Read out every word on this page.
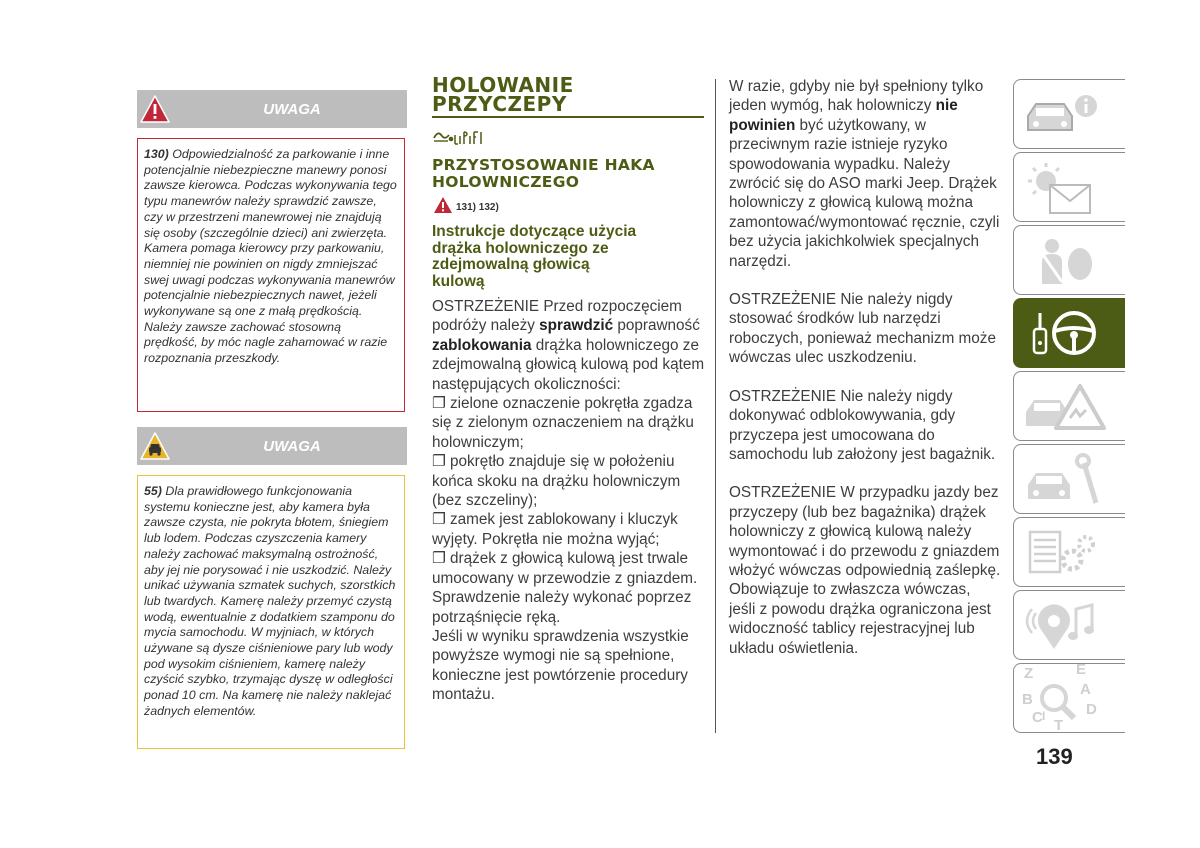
UWAGA
130) Odpowiedzialność za parkowanie i inne potencjalnie niebezpieczne manewry ponosi zawsze kierowca. Podczas wykonywania tego typu manewrów należy sprawdzić zawsze, czy w przestrzeni manewrowej nie znajdują się osoby (szczególnie dzieci) ani zwierzęta. Kamera pomaga kierowcy przy parkowaniu, niemniej nie powinien on nigdy zmniejszać swej uwagi podczas wykonywania manewrów potencjalnie niebezpiecznych nawet, jeżeli wykonywane są one z małą prędkością. Należy zawsze zachować stosowną prędkość, by móc nagle zahamować w razie rozpoznania przeszkody.
UWAGA
55) Dla prawidłowego funkcjonowania systemu konieczne jest, aby kamera była zawsze czysta, nie pokryta błotem, śniegiem lub lodem. Podczas czyszczenia kamery należy zachować maksymalną ostrożność, aby jej nie porysować i nie uszkodzić. Należy unikać używania szmatek suchych, szorstkich lub twardych. Kamerę należy przemyć czystą wodą, ewentualnie z dodatkiem szamponu do mycia samochodu. W myjniach, w których używane są dysze ciśnieniowe pary lub wody pod wysokim ciśnieniem, kamerę należy czyścić szybko, trzymając dyszę w odległości ponad 10 cm. Na kamerę nie należy naklejać żadnych elementów.
HOLOWANIE
PRZYCZEPY
PRZYSTOSOWANIE HAKA
HOLOWNICZEGO
131) 132)
Instrukcje dotyczące użycia
drążka holowniczego ze
zdejmowalną głowicą
kulową

OSTRZEŻENIE Przed rozpoczęciem podróży należy sprawdzić poprawność zablokowania drążka holowniczego ze zdejmowalną głowicą kulową pod kątem następujących okoliczności:

❐ zielone oznaczenie pokrętła zgadza się z zielonym oznaczeniem na drążku holowniczym;

❐ pokrętło znajduje się w położeniu końca skoku na drążku holowniczym (bez szczeliny);

❐ zamek jest zablokowany i kluczyk wyjęty. Pokrętła nie można wyjąć;

❐ drążek z głowicą kulową jest trwale umocowany w przewodzie z gniazdem. Sprawdzenie należy wykonać poprzez potrząśnięcie ręką.

Jeśli w wyniku sprawdzenia wszystkie powyższe wymogi nie są spełnione, konieczne jest powtórzenie procedury montażu.

W razie, gdyby nie był spełniony tylko jeden wymóg, hak holowniczy nie powinien być użytkowany, w przeciwnym razie istnieje ryzyko spowodowania wypadku. Należy zwrócić się do ASO marki Jeep. Drążek holowniczy z głowicą kulową można zamontować/wymontować ręcznie, czyli bez użycia jakichkolwiek specjalnych narzędzi.

OSTRZEŻENIE Nie należy nigdy stosować środków lub narzędzi roboczych, ponieważ mechanizm może wówczas ulec uszkodzeniu.

OSTRZEŻENIE Nie należy nigdy dokonywać odblokowywania, gdy przyczepa jest umocowana do samochodu lub założony jest bagażnik.

OSTRZEŻENIE W przypadku jazdy bez przyczepy (lub bez bagażnika) drążek holowniczy z głowicą kulową należy wymontować i do przewodu z gniazdem włożyć wówczas odpowiednią zaślepkę. Obowiązuje to zwłaszcza wówczas, jeśli z powodu drążka ograniczona jest widoczność tablicy rejestracyjnej lub układu oświetlenia.

Z	E
B
A
C T
D
I
139
